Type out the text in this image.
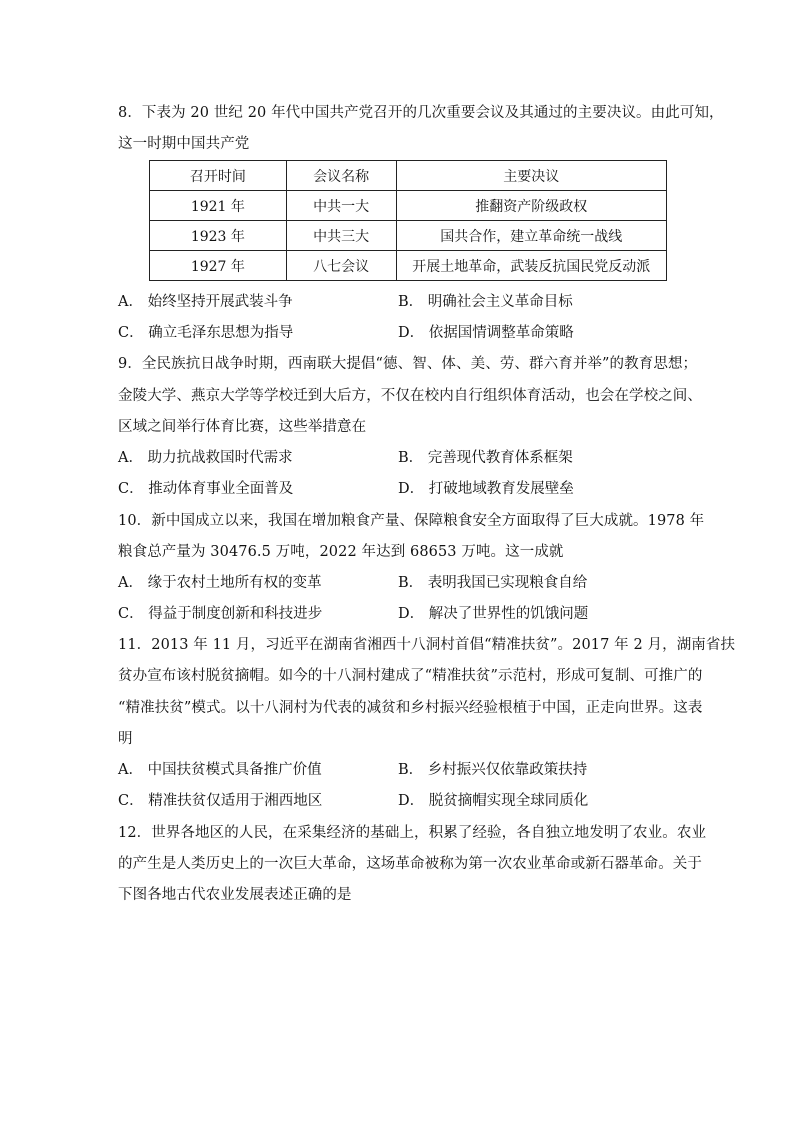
8．下表为 20 世纪 20 年代中国共产党召开的几次重要会议及其通过的主要决议。由此可知，
这一时期中国共产党
召开时间	会议名称	主要决议
1921 年	中共一大	推翻资产阶级政权
1923 年	中共三大	国共合作，建立革命统一战线
1927 年	八七会议	开展土地革命，武装反抗国民党反动派
A． 始终坚持开展武装斗争	B． 明确社会主义革命目标
C． 确立毛泽东思想为指导	D． 依据国情调整革命策略
9．全民族抗日战争时期，西南联大提倡“德、智、体、美、劳、群六育并举”的教育思想；
金陵大学、燕京大学等学校迁到大后方，不仅在校内自行组织体育活动，也会在学校之间、
区域之间举行体育比赛，这些举措意在
A． 助力抗战救国时代需求	B． 完善现代教育体系框架
C． 推动体育事业全面普及	D． 打破地域教育发展壁垒
10．新中国成立以来，我国在增加粮食产量、保障粮食安全方面取得了巨大成就。1978 年
粮食总产量为 30476.5 万吨，2022 年达到 68653 万吨。这一成就
A． 缘于农村土地所有权的变革	B． 表明我国已实现粮食自给
C． 得益于制度创新和科技进步	D． 解决了世界性的饥饿问题
11．2013 年 11 月，习近平在湖南省湘西十八洞村首倡“精准扶贫”。2017 年 2 月，湖南省扶
贫办宣布该村脱贫摘帽。如今的十八洞村建成了“精准扶贫”示范村，形成可复制、可推广的
“精准扶贫”模式。以十八洞村为代表的减贫和乡村振兴经验根植于中国，正走向世界。这表
明
A． 中国扶贫模式具备推广价值	B． 乡村振兴仅依靠政策扶持
C． 精准扶贫仅适用于湘西地区	D． 脱贫摘帽实现全球同质化
12．世界各地区的人民，在采集经济的基础上，积累了经验，各自独立地发明了农业。农业
的产生是人类历史上的一次巨大革命，这场革命被称为第一次农业革命或新石器革命。关于
下图各地古代农业发展表述正确的是
